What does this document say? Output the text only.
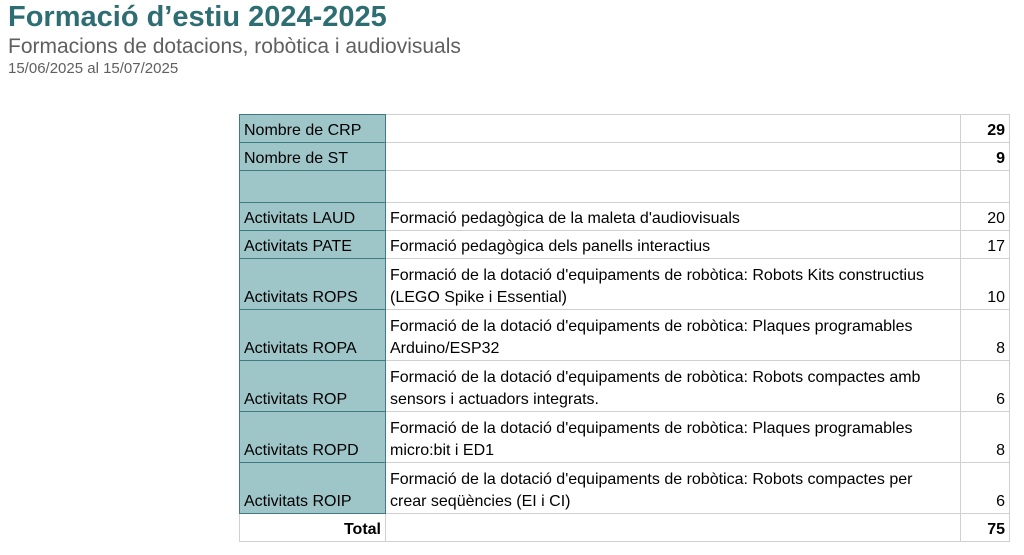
Formació d’estiu 2024-2025

Formacions de dotacions, robòtica i audiovisuals

15/06/2025 al 15/07/2025

Nombre de CRP		29
Nombre de ST		9

Activitats LAUD	Formació pedagògica de la maleta d'audiovisuals	20
Activitats PATE	Formació pedagògica dels panells interactius	17
Activitats ROPS	Formació de la dotació d'equipaments de robòtica: Robots Kits constructius
(LEGO Spike i Essential)	10
Activitats ROPA	Formació de la dotació d'equipaments de robòtica: Plaques programables
Arduino/ESP32	8
Activitats ROP	Formació de la dotació d'equipaments de robòtica: Robots compactes amb
sensors i actuadors integrats.	6
Activitats ROPD	Formació de la dotació d'equipaments de robòtica: Plaques programables
micro:bit i ED1	8
Activitats ROIP	Formació de la dotació d'equipaments de robòtica: Robots compactes per
crear seqüències (EI i CI)	6
Total		75
